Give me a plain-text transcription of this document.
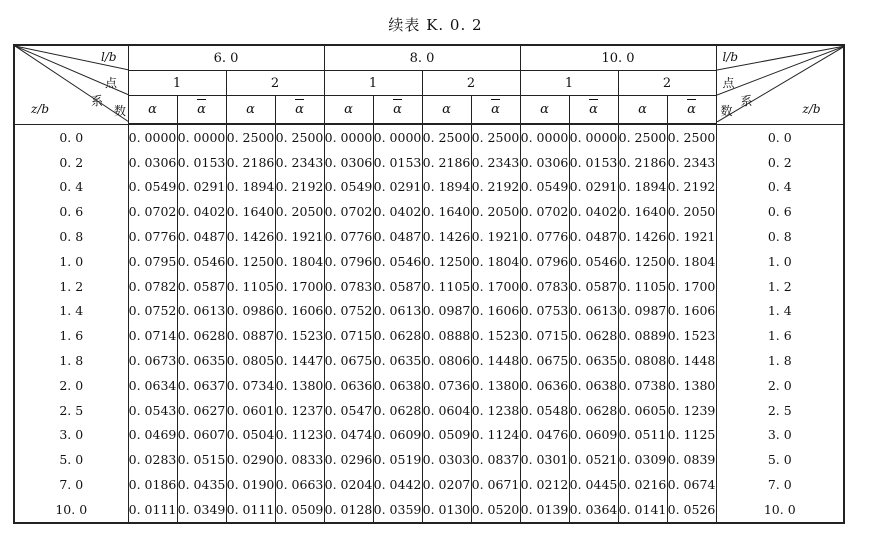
续表 K. 0. 2
l/b
点
系
数
z/b	6. 0				8. 0				10. 0				l/b
点
系
数 z/b

	1		2		1		2		1		2		
	α	α	α	α	α	α	α	α	α	α	α	α	
0. 0	0. 0000	0. 0000	0. 2500	0. 2500	0. 0000	0. 0000	0. 2500	0. 2500	0. 0000	0. 0000	0. 2500	0. 2500	0. 0
0. 2	0. 0306	0. 0153	0. 2186	0. 2343	0. 0306	0. 0153	0. 2186	0. 2343	0. 0306	0. 0153	0. 2186	0. 2343	0. 2
0. 4	0. 0549	0. 0291	0. 1894	0. 2192	0. 0549	0. 0291	0. 1894	0. 2192	0. 0549	0. 0291	0. 1894	0. 2192	0. 4
0. 6	0. 0702	0. 0402	0. 1640	0. 2050	0. 0702	0. 0402	0. 1640	0. 2050	0. 0702	0. 0402	0. 1640	0. 2050	0. 6
0. 8	0. 0776	0. 0487	0. 1426	0. 1921	0. 0776	0. 0487	0. 1426	0. 1921	0. 0776	0. 0487	0. 1426	0. 1921	0. 8
1. 0	0. 0795	0. 0546	0. 1250	0. 1804	0. 0796	0. 0546	0. 1250	0. 1804	0. 0796	0. 0546	0. 1250	0. 1804	1. 0
1. 2	0. 0782	0. 0587	0. 1105	0. 1700	0. 0783	0. 0587	0. 1105	0. 1700	0. 0783	0. 0587	0. 1105	0. 1700	1. 2
1. 4	0. 0752	0. 0613	0. 0986	0. 1606	0. 0752	0. 0613	0. 0987	0. 1606	0. 0753	0. 0613	0. 0987	0. 1606	1. 4
1. 6	0. 0714	0. 0628	0. 0887	0. 1523	0. 0715	0. 0628	0. 0888	0. 1523	0. 0715	0. 0628	0. 0889	0. 1523	1. 6
1. 8	0. 0673	0. 0635	0. 0805	0. 1447	0. 0675	0. 0635	0. 0806	0. 1448	0. 0675	0. 0635	0. 0808	0. 1448	1. 8
2. 0	0. 0634	0. 0637	0. 0734	0. 1380	0. 0636	0. 0638	0. 0736	0. 1380	0. 0636	0. 0638	0. 0738	0. 1380	2. 0
2. 5	0. 0543	0. 0627	0. 0601	0. 1237	0. 0547	0. 0628	0. 0604	0. 1238	0. 0548	0. 0628	0. 0605	0. 1239	2. 5
3. 0	0. 0469	0. 0607	0. 0504	0. 1123	0. 0474	0. 0609	0. 0509	0. 1124	0. 0476	0. 0609	0. 0511	0. 1125	3. 0
5. 0	0. 0283	0. 0515	0. 0290	0. 0833	0. 0296	0. 0519	0. 0303	0. 0837	0. 0301	0. 0521	0. 0309	0. 0839	5. 0
7. 0	0. 0186	0. 0435	0. 0190	0. 0663	0. 0204	0. 0442	0. 0207	0. 0671	0. 0212	0. 0445	0. 0216	0. 0674	7. 0
10. 0	0. 0111	0. 0349	0. 0111	0. 0509	0. 0128	0. 0359	0. 0130	0. 0520	0. 0139	0. 0364	0. 0141	0. 0526	10. 0
